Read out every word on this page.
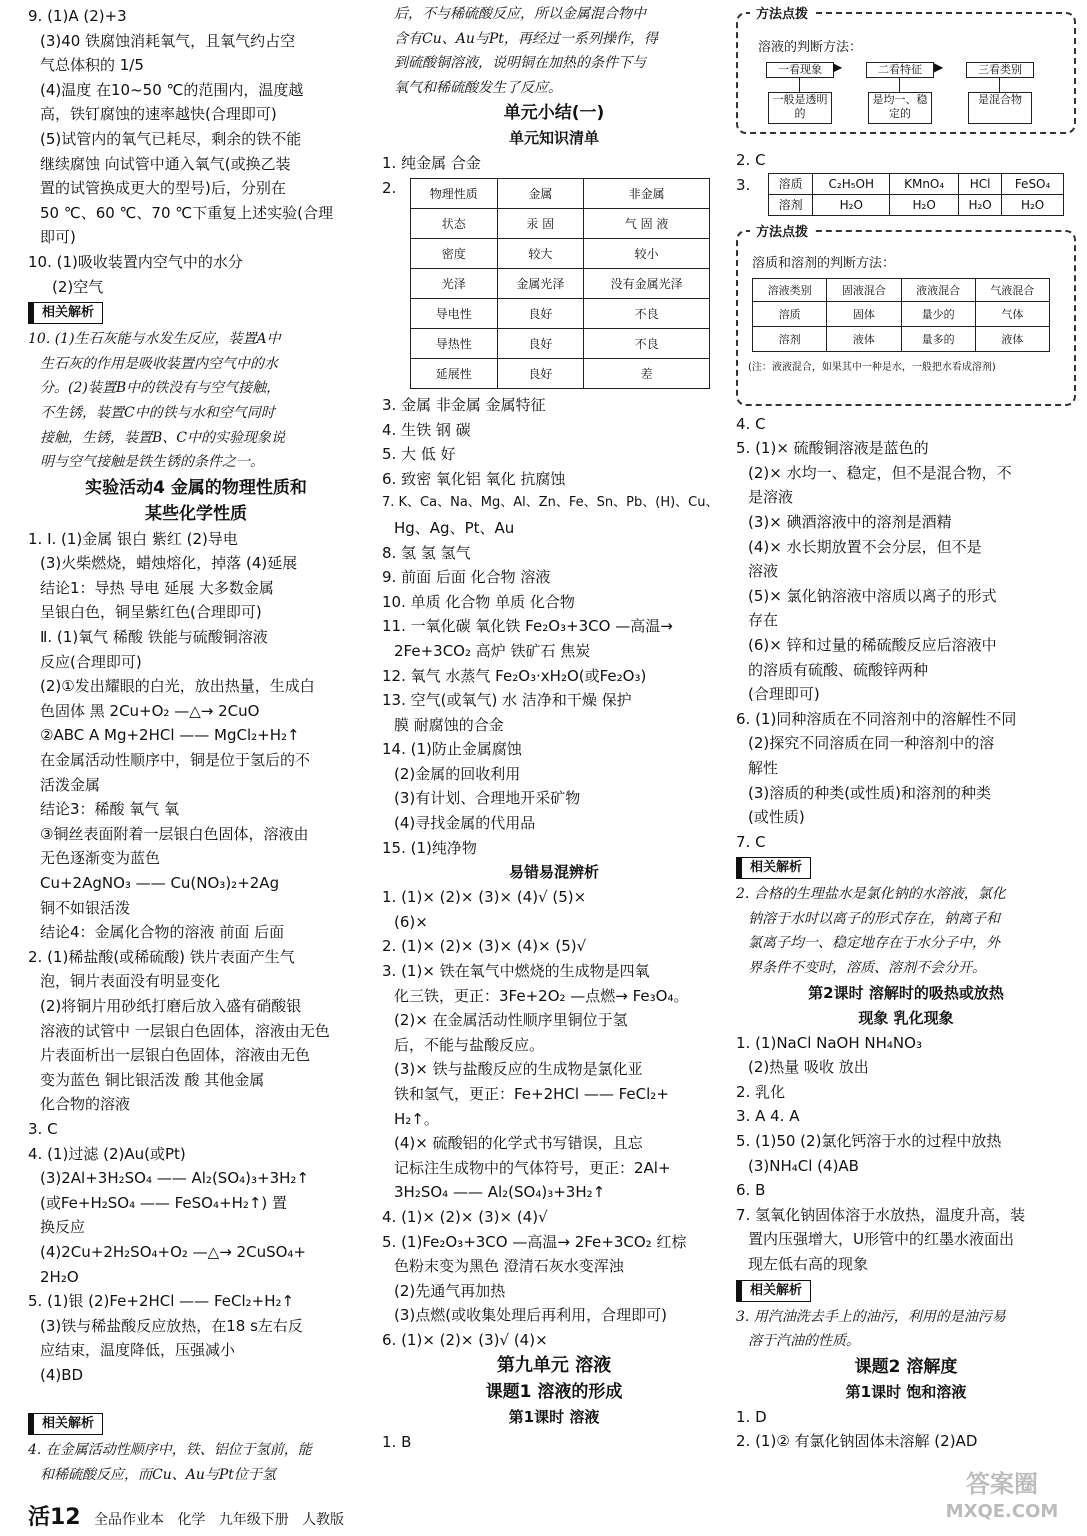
9. (1)A (2)+3
(3)40 铁腐蚀消耗氧气，且氧气约占空
气总体积的 1/5
(4)温度 在10~50 ℃的范围内，温度越
高，铁钉腐蚀的速率越快(合理即可)
(5)试管内的氧气已耗尽，剩余的铁不能
继续腐蚀 向试管中通入氧气(或换乙装
置的试管换成更大的型号)后，分别在
50 ℃、60 ℃、70 ℃下重复上述实验(合理
即可)
10. (1)吸收装置内空气中的水分
(2)空气
相关解析
10. (1)生石灰能与水发生反应，装置A中
生石灰的作用是吸收装置内空气中的水
分。(2)装置B中的铁没有与空气接触，
不生锈，装置C中的铁与水和空气同时
接触，生锈，装置B、C中的实验现象说
明与空气接触是铁生锈的条件之一。
实验活动4 金属的物理性质和
某些化学性质
1. Ⅰ. (1)金属 银白 紫红 (2)导电
(3)火柴燃烧，蜡烛熔化，掉落 (4)延展
结论1：导热 导电 延展 大多数金属
呈银白色，铜呈紫红色(合理即可)
Ⅱ. (1)氧气 稀酸 铁能与硫酸铜溶液
反应(合理即可)
(2)①发出耀眼的白光，放出热量，生成白
色固体 黑 2Cu+O₂ —△→ 2CuO
②ABC A Mg+2HCl —— MgCl₂+H₂↑
在金属活动性顺序中，铜是位于氢后的不
活泼金属
结论3：稀酸 氧气 氧
③铜丝表面附着一层银白色固体，溶液由
无色逐渐变为蓝色
Cu+2AgNO₃ —— Cu(NO₃)₂+2Ag
铜不如银活泼
结论4：金属化合物的溶液 前面 后面
2. (1)稀盐酸(或稀硫酸) 铁片表面产生气
泡，铜片表面没有明显变化
(2)将铜片用砂纸打磨后放入盛有硝酸银
溶液的试管中 一层银白色固体，溶液由无色
片表面析出一层银白色固体，溶液由无色
变为蓝色 铜比银活泼 酸 其他金属
化合物的溶液
3. C
4. (1)过滤 (2)Au(或Pt)
(3)2Al+3H₂SO₄ —— Al₂(SO₄)₃+3H₂↑
(或Fe+H₂SO₄ —— FeSO₄+H₂↑) 置
换反应
(4)2Cu+2H₂SO₄+O₂ —△→ 2CuSO₄+
2H₂O
5. (1)银 (2)Fe+2HCl —— FeCl₂+H₂↑
(3)铁与稀盐酸反应放热，在18 s左右反
应结束，温度降低，压强减小
(4)BD
相关解析
4. 在金属活动性顺序中，铁、铝位于氢前，能
和稀硫酸反应，而Cu、Au与Pt位于氢
后，不与稀硫酸反应，所以金属混合物中
含有Cu、Au与Pt，再经过一系列操作，得
到硫酸铜溶液，说明铜在加热的条件下与
氧气和稀硫酸发生了反应。
单元小结(一)
单元知识清单
1. 纯金属 合金
2.	物理性质	金属	非金属
状态	汞 固	气 固 液
密度	较大	较小
光泽	金属光泽	没有金属光泽
导电性	良好	不良
导热性	良好	不良
延展性	良好	差
3. 金属 非金属 金属特征
4. 生铁 钢 碳
5. 大 低 好
6. 致密 氧化铝 氧化 抗腐蚀
7. K、Ca、Na、Mg、Al、Zn、Fe、Sn、Pb、(H)、Cu、
Hg、Ag、Pt、Au
8. 氢 氢 氢气
9. 前面 后面 化合物 溶液
10. 单质 化合物 单质 化合物
11. 一氧化碳 氧化铁 Fe₂O₃+3CO —高温→
2Fe+3CO₂ 高炉 铁矿石 焦炭
12. 氧气 水蒸气 Fe₂O₃·xH₂O(或Fe₂O₃)
13. 空气(或氧气) 水 洁净和干燥 保护
膜 耐腐蚀的合金
14. (1)防止金属腐蚀
(2)金属的回收利用
(3)有计划、合理地开采矿物
(4)寻找金属的代用品
15. (1)纯净物
易错易混辨析
1. (1)× (2)× (3)× (4)√ (5)×
(6)×
2. (1)× (2)× (3)× (4)× (5)√
3. (1)× 铁在氧气中燃烧的生成物是四氧
化三铁，更正：3Fe+2O₂ —点燃→ Fe₃O₄。
(2)× 在金属活动性顺序里铜位于氢
后，不能与盐酸反应。
(3)× 铁与盐酸反应的生成物是氯化亚
铁和氢气，更正：Fe+2HCl —— FeCl₂+
H₂↑。
(4)× 硫酸铝的化学式书写错误，且忘
记标注生成物中的气体符号，更正：2Al+
3H₂SO₄ —— Al₂(SO₄)₃+3H₂↑
4. (1)× (2)× (3)× (4)√
5. (1)Fe₂O₃+3CO —高温→ 2Fe+3CO₂ 红棕
色粉末变为黑色 澄清石灰水变浑浊
(2)先通气再加热
(3)点燃(或收集处理后再利用，合理即可)
6. (1)× (2)× (3)√ (4)×
第九单元 溶液
课题1 溶液的形成
第1课时 溶液
1. B
方法点拨
溶液的判断方法：
一看现象	二看特征	三看类别
▶	▶
一般是透明的
是均一、稳定的
是混合物
2. C
3.	溶质	C₂H₅OH	KMnO₄	HCl	FeSO₄
溶剂	H₂O	H₂O	H₂O	H₂O
方法点拨
溶质和溶剂的判断方法：
溶液类别	固液混合	液液混合	气液混合
溶质	固体	量少的	气体
溶剂	液体	量多的	液体
(注：液液混合，如果其中一种是水，一般把水看成溶剂)
4. C
5. (1)× 硫酸铜溶液是蓝色的
(2)× 水均一、稳定，但不是混合物，不
是溶液
(3)× 碘酒溶液中的溶剂是酒精
(4)× 水长期放置不会分层，但不是
溶液
(5)× 氯化钠溶液中溶质以离子的形式
存在
(6)× 锌和过量的稀硫酸反应后溶液中
的溶质有硫酸、硫酸锌两种
(合理即可)
6. (1)同种溶质在不同溶剂中的溶解性不同
(2)探究不同溶质在同一种溶剂中的溶
解性
(3)溶质的种类(或性质)和溶剂的种类
(或性质)
7. C
相关解析
2. 合格的生理盐水是氯化钠的水溶液，氯化
钠溶于水时以离子的形式存在，钠离子和
氯离子均一、稳定地存在于水分子中，外
界条件不变时，溶质、溶剂不会分开。
第2课时 溶解时的吸热或放热
现象 乳化现象
1. (1)NaCl NaOH NH₄NO₃
(2)热量 吸收 放出
2. 乳化
3. A 4. A
5. (1)50 (2)氯化钙溶于水的过程中放热
(3)NH₄Cl (4)AB
6. B
7. 氢氧化钠固体溶于水放热，温度升高，装
置内压强增大，U形管中的红墨水液面出
现左低右高的现象
相关解析
3. 用汽油洗去手上的油污，利用的是油污易
溶于汽油的性质。
课题2 溶解度
第1课时 饱和溶液
1. D
2. (1)② 有氯化钠固体未溶解 (2)AD
活12 全品作业本 化学 九年级下册 人教版
答案圈
MXQE.COM
